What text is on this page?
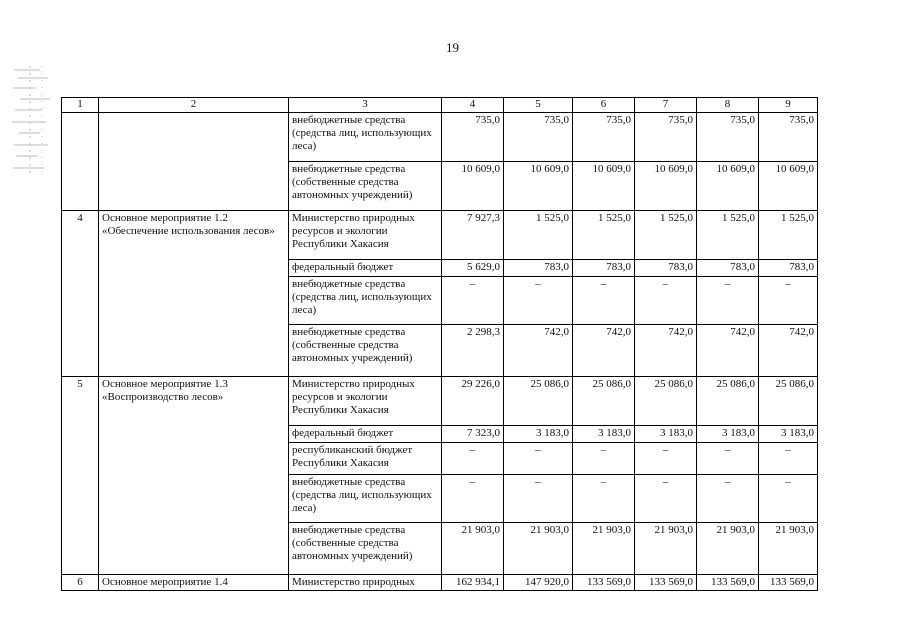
19
1	2	3	4	5	6	7	8	9
		внебюджетные средства (средства лиц, использующих леса)	735,0	735,0	735,0	735,0	735,0	735,0
		внебюджетные средства (собственные средства автономных учреждений)	10 609,0	10 609,0	10 609,0	10 609,0	10 609,0	10 609,0
4	Основное мероприятие 1.2 «Обеспечение использования лесов»	Министерство природных ресурсов и экологии Республики Хакасия	7 927,3	1 525,0	1 525,0	1 525,0	1 525,0	1 525,0
		федеральный бюджет	5 629,0	783,0	783,0	783,0	783,0	783,0
		внебюджетные средства (средства лиц, использующих леса)	–	–	–	–	–	–
		внебюджетные средства (собственные средства автономных учреждений)	2 298,3	742,0	742,0	742,0	742,0	742,0
5	Основное мероприятие 1.3 «Воспроизводство лесов»	Министерство природных ресурсов и экологии Республики Хакасия	29 226,0	25 086,0	25 086,0	25 086,0	25 086,0	25 086,0
		федеральный бюджет	7 323,0	3 183,0	3 183,0	3 183,0	3 183,0	3 183,0
		республиканский бюджет Республики Хакасия	–	–	–	–	–	–
		внебюджетные средства (средства лиц, использующих леса)	–	–	–	–	–	–
		внебюджетные средства (собственные средства автономных учреждений)	21 903,0	21 903,0	21 903,0	21 903,0	21 903,0	21 903,0
6	Основное мероприятие 1.4	Министерство природных	162 934,1	147 920,0	133 569,0	133 569,0	133 569,0	133 569,0
